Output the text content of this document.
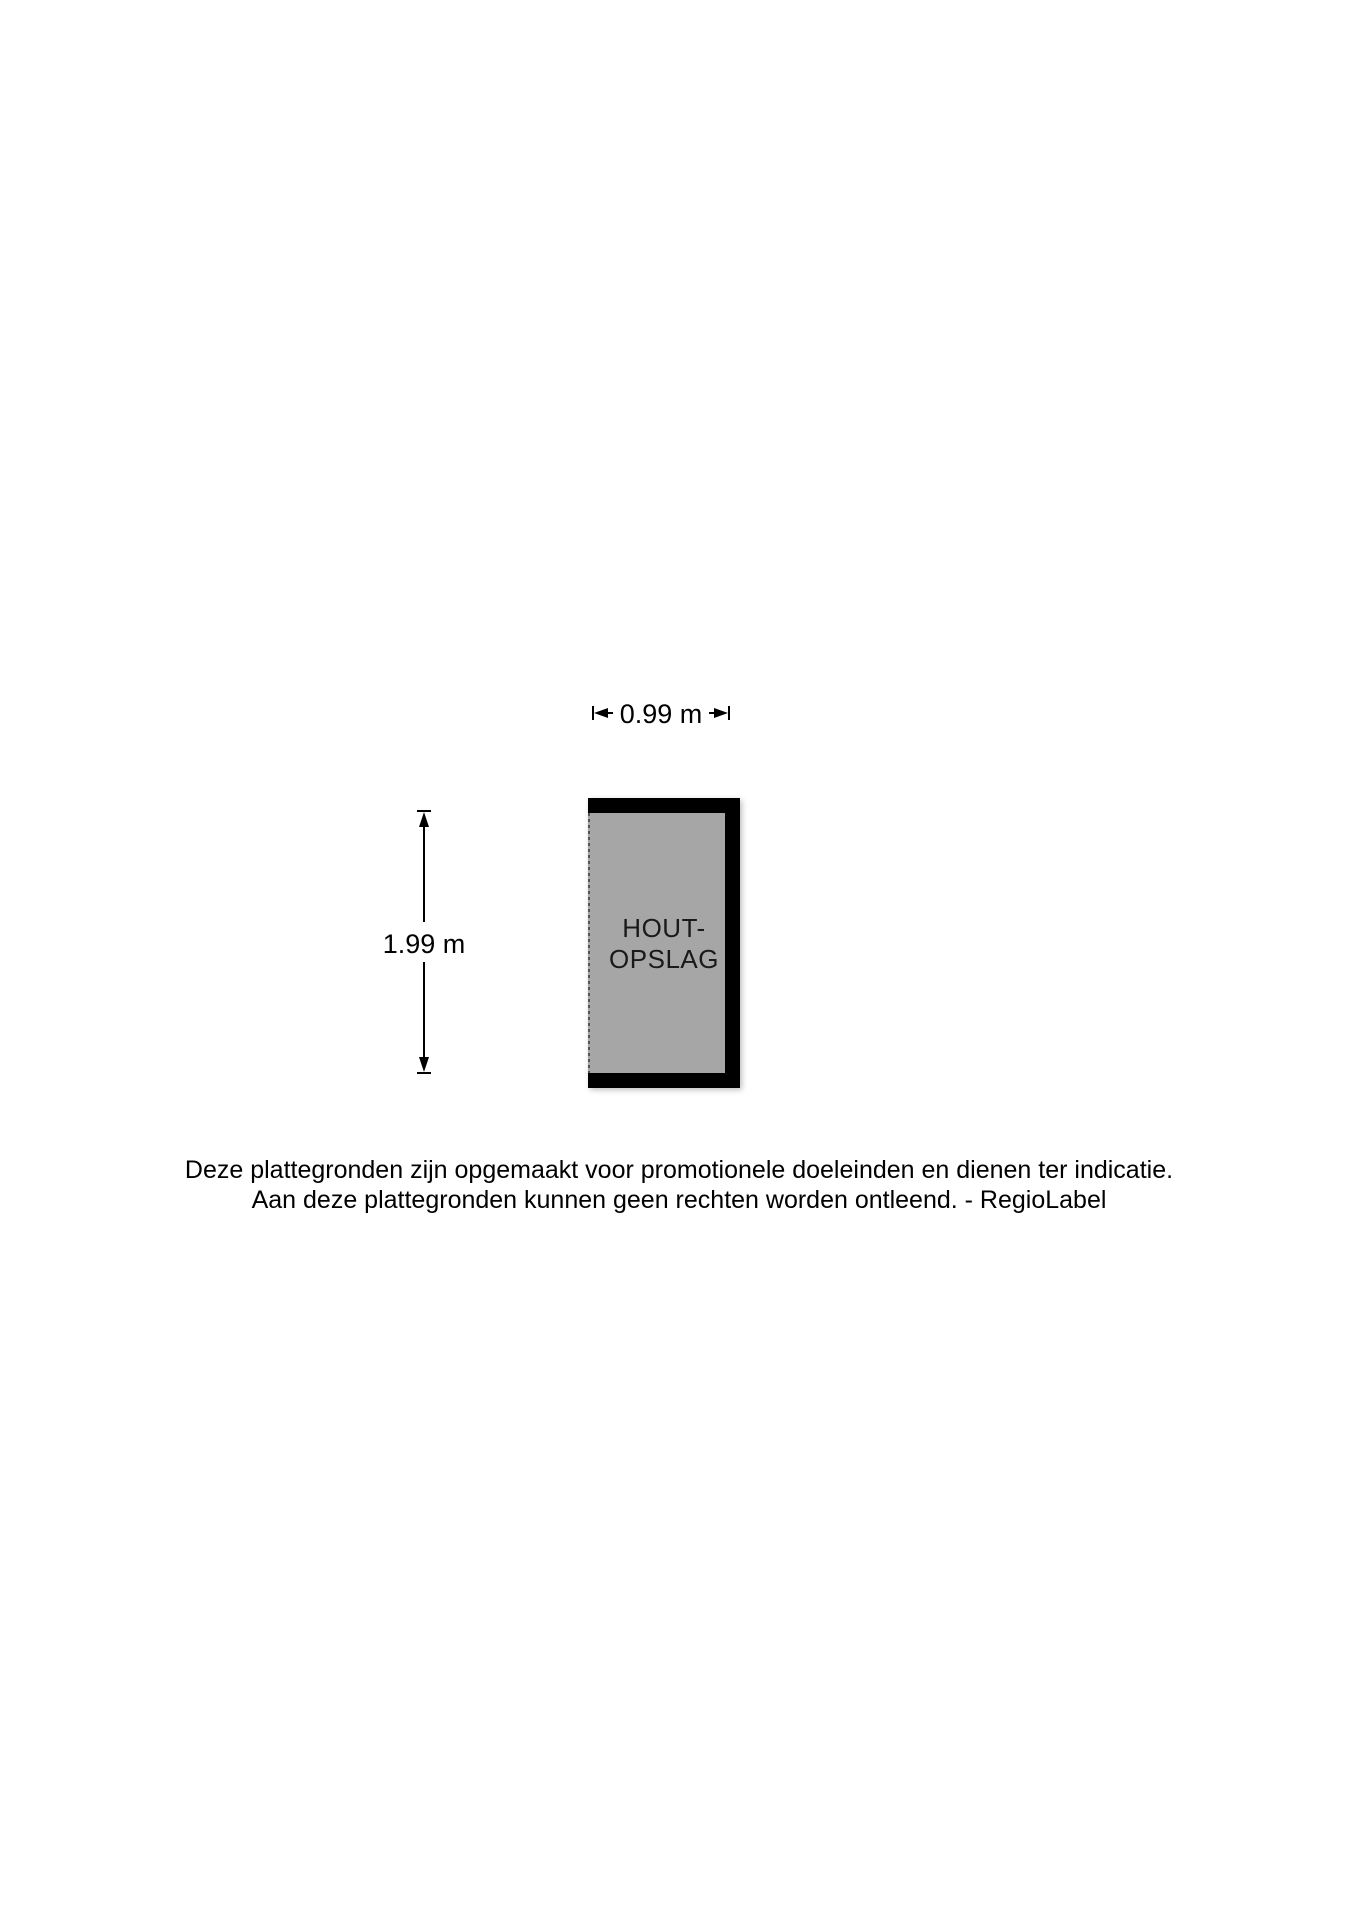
0.99 m
1.99 m
HOUT-
OPSLAG
Deze plattegronden zijn opgemaakt voor promotionele doeleinden en dienen ter indicatie.
Aan deze plattegronden kunnen geen rechten worden ontleend. - RegioLabel
